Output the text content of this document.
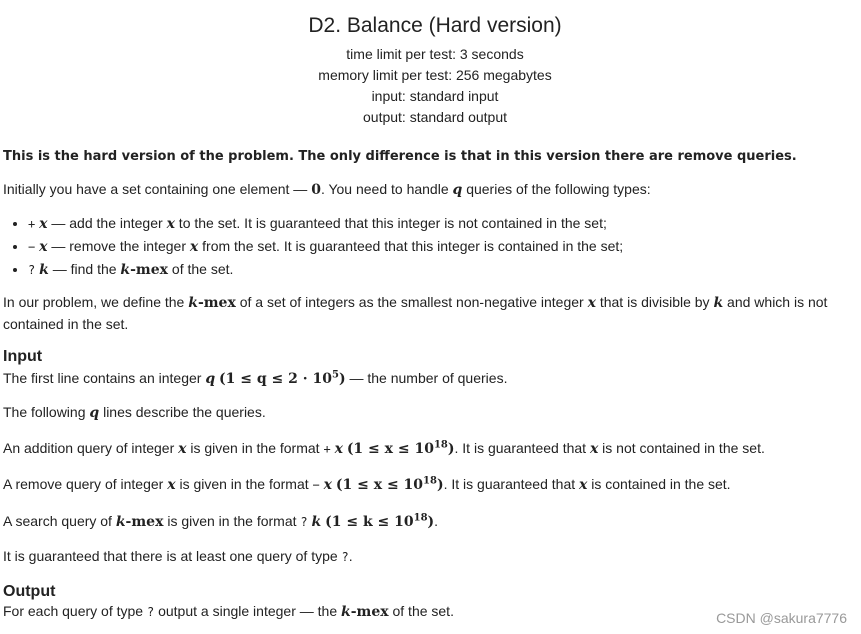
D2. Balance (Hard version)
time limit per test: 3 seconds
memory limit per test: 256 megabytes
input: standard input
output: standard output
This is the hard version of the problem. The only difference is that in this version there are remove queries.
Initially you have a set containing one element — 0. You need to handle q queries of the following types:
• + x — add the integer x to the set. It is guaranteed that this integer is not contained in the set;
• − x — remove the integer x from the set. It is guaranteed that this integer is contained in the set;
• ? k — find the k-mex of the set.
In our problem, we define the k-mex of a set of integers as the smallest non-negative integer x that is divisible by k and which is not contained in the set.
Input
The first line contains an integer q $(1 \le q \le 2 \cdot 10^5)$ — the number of queries.
The following q lines describe the queries.
An addition query of integer x is given in the format + x $(1 \le x \le 10^{18})$. It is guaranteed that x is not contained in the set.
A remove query of integer x is given in the format − x $(1 \le x \le 10^{18})$. It is guaranteed that x is contained in the set.
A search query of k-mex is given in the format ? k $(1 \le k \le 10^{18})$.
It is guaranteed that there is at least one query of type ?.
Output
For each query of type ? output a single integer — the k-mex of the set.	CSDN @sakura7776
